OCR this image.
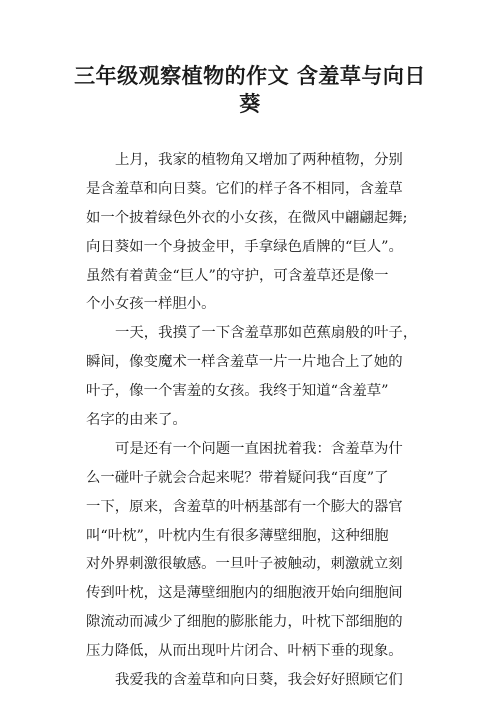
三年级观察植物的作文 含羞草与向日
葵
上月，我家的植物角又增加了两种植物，分别
是含羞草和向日葵。它们的样子各不相同，含羞草
如一个披着绿色外衣的小女孩，在微风中翩翩起舞;
向日葵如一个身披金甲，手拿绿色盾牌的“巨人”。
虽然有着黄金“巨人”的守护，可含羞草还是像一
个小女孩一样胆小。
一天，我摸了一下含羞草那如芭蕉扇般的叶子，
瞬间，像变魔术一样含羞草一片一片地合上了她的
叶子，像一个害羞的女孩。我终于知道“含羞草”
名字的由来了。
可是还有一个问题一直困扰着我：含羞草为什
么一碰叶子就会合起来呢？带着疑问我“百度”了
一下，原来，含羞草的叶柄基部有一个膨大的器官
叫“叶枕”，叶枕内生有很多薄壁细胞，这种细胞
对外界刺激很敏感。一旦叶子被触动，刺激就立刻
传到叶枕，这是薄壁细胞内的细胞液开始向细胞间
隙流动而减少了细胞的膨胀能力，叶枕下部细胞的
压力降低，从而出现叶片闭合、叶柄下垂的现象。
我爱我的含羞草和向日葵，我会好好照顾它们
